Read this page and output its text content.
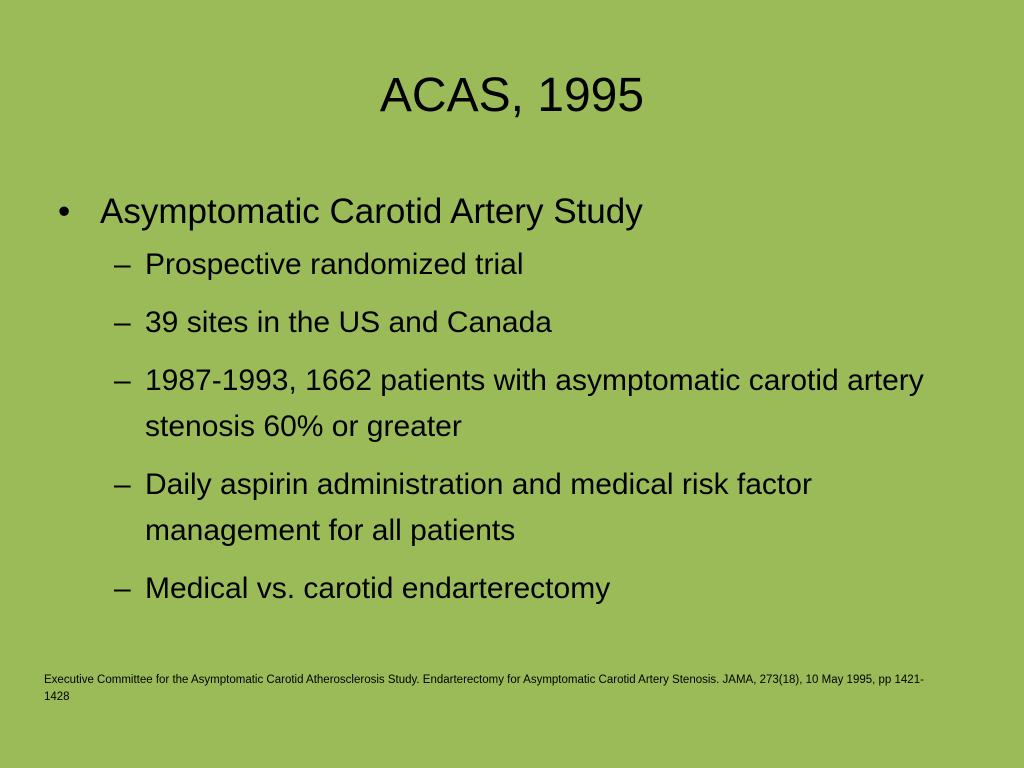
ACAS, 1995
• Asymptomatic Carotid Artery Study
– Prospective randomized trial
– 39 sites in the US and Canada
– 1987-1993, 1662 patients with asymptomatic carotid artery stenosis 60% or greater
– Daily aspirin administration and medical risk factor management for all patients
– Medical vs. carotid endarterectomy
Executive Committee for the Asymptomatic Carotid Atherosclerosis Study. Endarterectomy for Asymptomatic Carotid Artery Stenosis. JAMA, 273(18), 10 May 1995, pp 1421-1428
